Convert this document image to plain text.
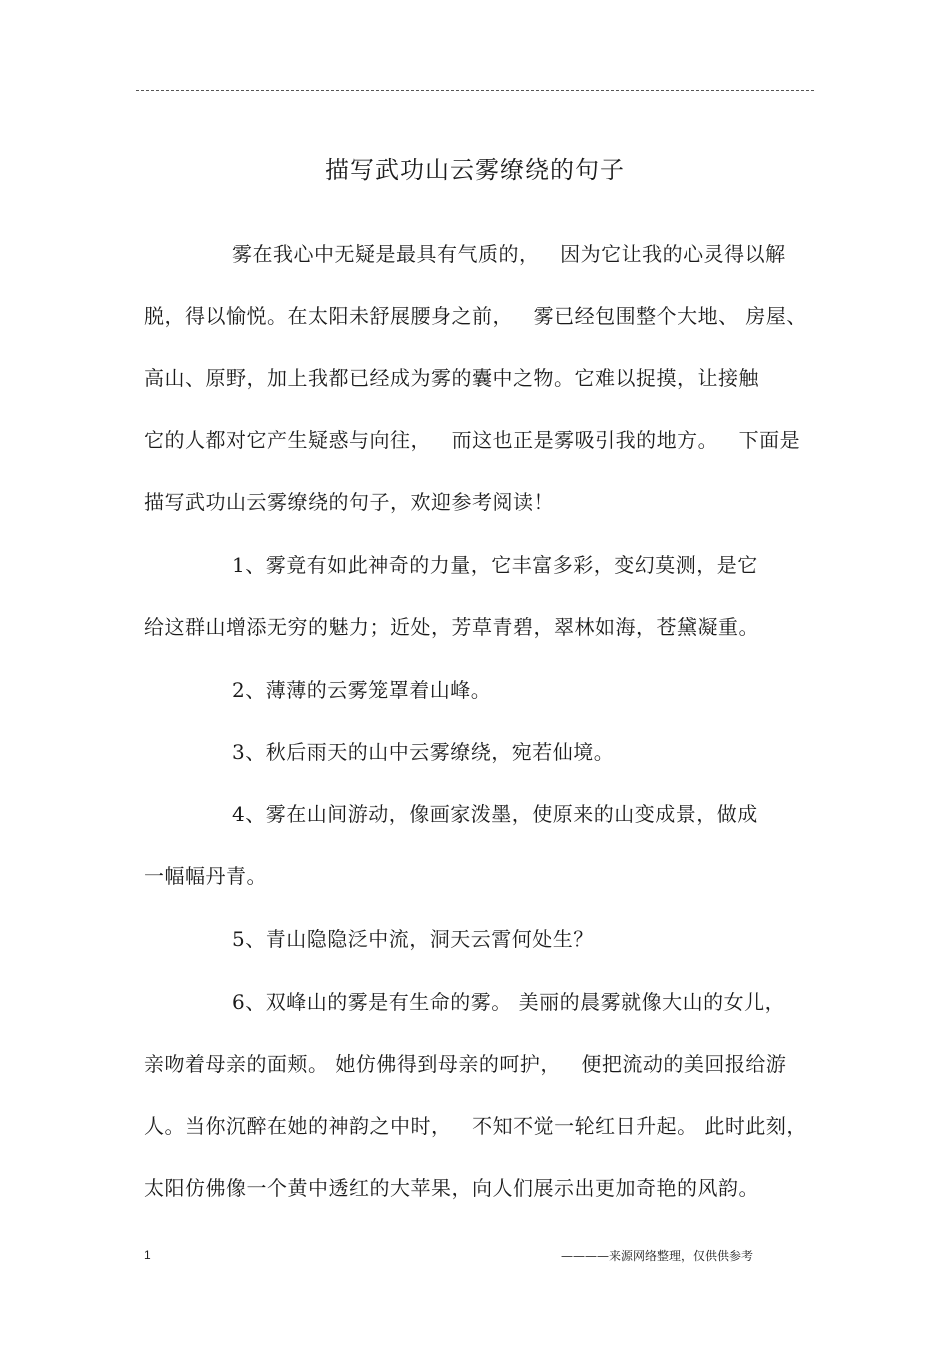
描写武功山云雾缭绕的句子
雾在我心中无疑是最具有气质的，   因为它让我的心灵得以解
脱，得以愉悦。在太阳未舒展腰身之前，   雾已经包围整个大地、 房屋、
高山、原野，加上我都已经成为雾的囊中之物。它难以捉摸，让接触
它的人都对它产生疑惑与向往，   而这也正是雾吸引我的地方。   下面是
描写武功山云雾缭绕的句子，欢迎参考阅读！
1、雾竟有如此神奇的力量，它丰富多彩，变幻莫测，是它
给这群山增添无穷的魅力；近处，芳草青碧，翠林如海，苍黛凝重。
2、薄薄的云雾笼罩着山峰。
3、秋后雨天的山中云雾缭绕，宛若仙境。
4、雾在山间游动，像画家泼墨，使原来的山变成景，做成
一幅幅丹青。
5、青山隐隐泛中流，洞天云霄何处生？
6、双峰山的雾是有生命的雾。 美丽的晨雾就像大山的女儿，
亲吻着母亲的面颊。 她仿佛得到母亲的呵护，   便把流动的美回报给游
人。当你沉醉在她的神韵之中时，   不知不觉一轮红日升起。 此时此刻，
太阳仿佛像一个黄中透红的大苹果，向人们展示出更加奇艳的风韵。
1	————来源网络整理，仅供供参考
